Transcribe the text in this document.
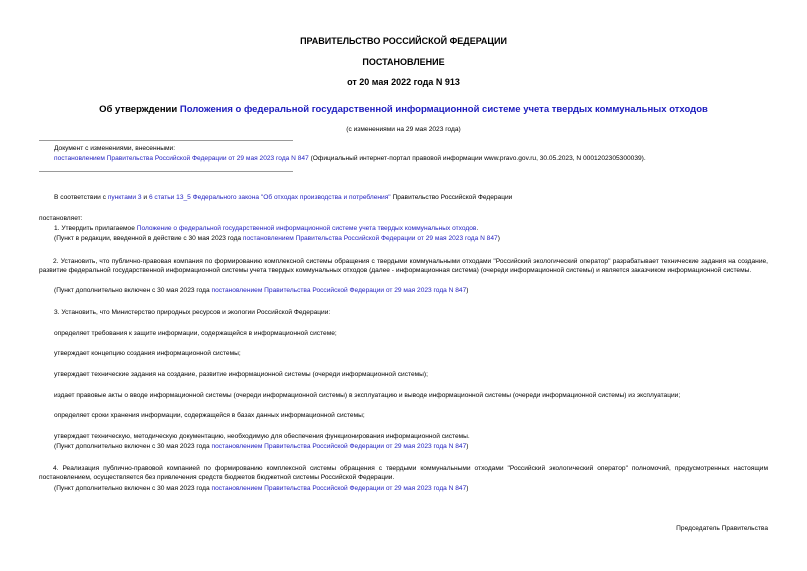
ПРАВИТЕЛЬСТВО РОССИЙСКОЙ ФЕДЕРАЦИИ
ПОСТАНОВЛЕНИЕ
от 20 мая 2022 года N 913
Об утверждении Положения о федеральной государственной информационной системе учета твердых коммунальных отходов
(с изменениями на 29 мая 2023 года)
Документ с изменениями, внесенными:
постановлением Правительства Российской Федерации от 29 мая 2023 года N 847 (Официальный интернет-портал правовой информации www.pravo.gov.ru, 30.05.2023, N 0001202305300039).
В соответствии с пунктами 3 и 6 статьи 13_5 Федерального закона "Об отходах производства и потребления" Правительство Российской Федерации
постановляет:
1. Утвердить прилагаемое Положение о федеральной государственной информационной системе учета твердых коммунальных отходов.
(Пункт в редакции, введенной в действие с 30 мая 2023 года постановлением Правительства Российской Федерации от 29 мая 2023 года N 847)
2. Установить, что публично-правовая компания по формированию комплексной системы обращения с твердыми коммунальными отходами "Российский экологический оператор" разрабатывает технические задания на создание, развитие федеральной государственной информационной системы учета твердых коммунальных отходов (далее - информационная система) (очереди информационной системы) и является заказчиком информационной системы.
(Пункт дополнительно включен с 30 мая 2023 года постановлением Правительства Российской Федерации от 29 мая 2023 года N 847)
3. Установить, что Министерство природных ресурсов и экологии Российской Федерации:
определяет требования к защите информации, содержащейся в информационной системе;
утверждает концепцию создания информационной системы;
утверждает технические задания на создание, развитие информационной системы (очереди информационной системы);
издает правовые акты о вводе информационной системы (очереди информационной системы) в эксплуатацию и выводе информационной системы (очереди информационной системы) из эксплуатации;
определяет сроки хранения информации, содержащейся в базах данных информационной системы;
утверждает техническую, методическую документацию, необходимую для обеспечения функционирования информационной системы.
(Пункт дополнительно включен с 30 мая 2023 года постановлением Правительства Российской Федерации от 29 мая 2023 года N 847)
4. Реализация публично-правовой компанией по формированию комплексной системы обращения с твердыми коммунальными отходами "Российский экологический оператор" полномочий, предусмотренных настоящим постановлением, осуществляется без привлечения средств бюджетов бюджетной системы Российской Федерации.
(Пункт дополнительно включен с 30 мая 2023 года постановлением Правительства Российской Федерации от 29 мая 2023 года N 847)
Председатель Правительства
